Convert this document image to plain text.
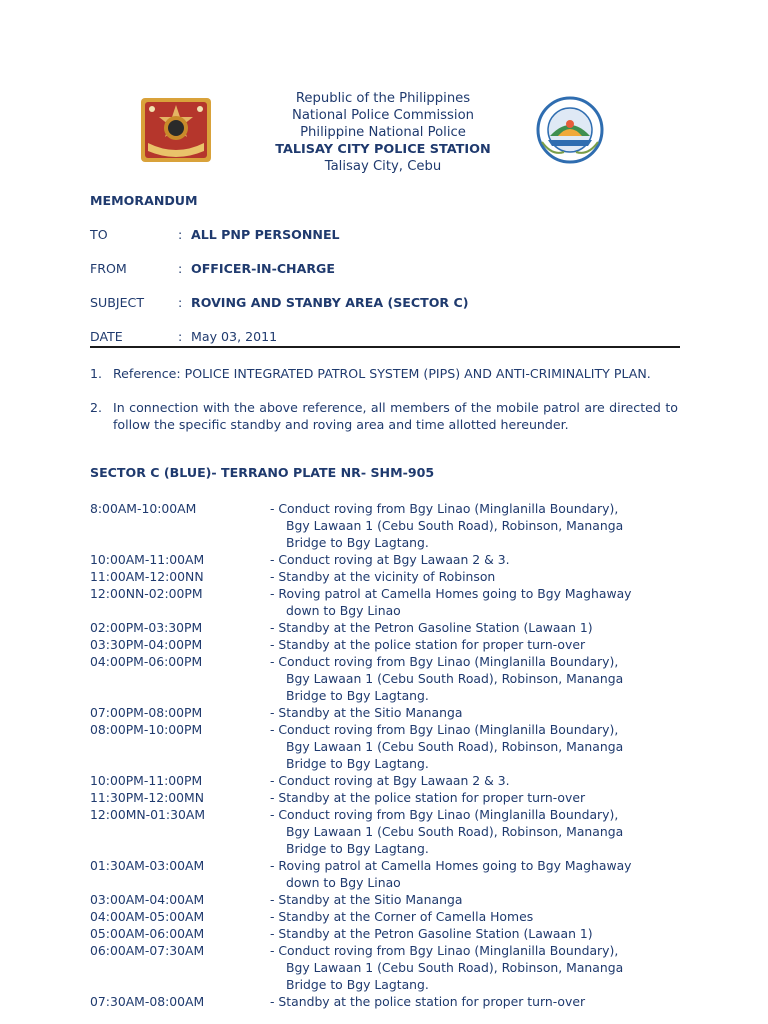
Republic of the Philippines
National Police Commission
Philippine National Police
TALISAY CITY POLICE STATION
Talisay City, Cebu
MEMORANDUM
TO	: ALL PNP PERSONNEL
FROM	: OFFICER-IN-CHARGE
SUBJECT	: ROVING AND STANBY AREA (SECTOR C)
DATE	: May 03, 2011
1. Reference: POLICE INTEGRATED PATROL SYSTEM (PIPS) AND ANTI-CRIMINALITY PLAN.
2. In connection with the above reference, all members of the mobile patrol are directed to follow the specific standby and roving area and time allotted hereunder.
SECTOR C (BLUE)- TERRANO PLATE NR- SHM-905
8:00AM-10:00AM	- Conduct roving from Bgy Linao (Minglanilla Boundary),
Bgy Lawaan 1 (Cebu South Road), Robinson, Mananga
Bridge to Bgy Lagtang.
10:00AM-11:00AM	- Conduct roving at Bgy Lawaan 2 & 3.
11:00AM-12:00NN	- Standby at the vicinity of Robinson
12:00NN-02:00PM	- Roving patrol at Camella Homes going to Bgy Maghaway
down to Bgy Linao
02:00PM-03:30PM	- Standby at the Petron Gasoline Station (Lawaan 1)
03:30PM-04:00PM	- Standby at the police station for proper turn-over
04:00PM-06:00PM	- Conduct roving from Bgy Linao (Minglanilla Boundary),
Bgy Lawaan 1 (Cebu South Road), Robinson, Mananga
Bridge to Bgy Lagtang.
07:00PM-08:00PM	- Standby at the Sitio Mananga
08:00PM-10:00PM	- Conduct roving from Bgy Linao (Minglanilla Boundary),
Bgy Lawaan 1 (Cebu South Road), Robinson, Mananga
Bridge to Bgy Lagtang.
10:00PM-11:00PM	- Conduct roving at Bgy Lawaan 2 & 3.
11:30PM-12:00MN	- Standby at the police station for proper turn-over
12:00MN-01:30AM	- Conduct roving from Bgy Linao (Minglanilla Boundary),
Bgy Lawaan 1 (Cebu South Road), Robinson, Mananga
Bridge to Bgy Lagtang.
01:30AM-03:00AM	- Roving patrol at Camella Homes going to Bgy Maghaway
down to Bgy Linao
03:00AM-04:00AM	- Standby at the Sitio Mananga
04:00AM-05:00AM	- Standby at the Corner of Camella Homes
05:00AM-06:00AM	- Standby at the Petron Gasoline Station (Lawaan 1)
06:00AM-07:30AM	- Conduct roving from Bgy Linao (Minglanilla Boundary),
Bgy Lawaan 1 (Cebu South Road), Robinson, Mananga
Bridge to Bgy Lagtang.
07:30AM-08:00AM	- Standby at the police station for proper turn-over
